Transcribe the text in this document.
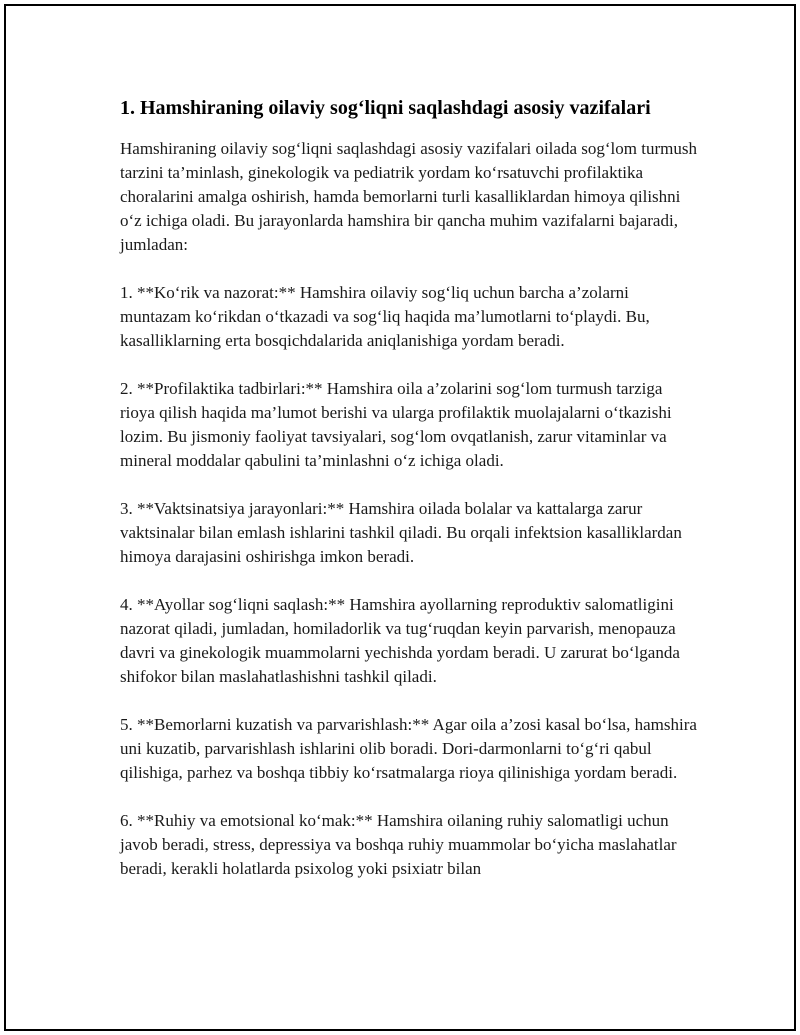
1. Hamshiraning oilaviy sog‘liqni saqlashdagi asosiy vazifalari

Hamshiraning oilaviy sog‘liqni saqlashdagi asosiy vazifalari oilada sog‘lom turmush tarzini ta’minlash, ginekologik va pediatrik yordam ko‘rsatuvchi profilaktika choralarini amalga oshirish, hamda bemorlarni turli kasalliklardan himoya qilishni o‘z ichiga oladi. Bu jarayonlarda hamshira bir qancha muhim vazifalarni bajaradi, jumladan:

1. **Ko‘rik va nazorat:** Hamshira oilaviy sog‘liq uchun barcha a’zolarni muntazam ko‘rikdan o‘tkazadi va sog‘liq haqida ma’lumotlarni to‘playdi. Bu, kasalliklarning erta bosqichdalarida aniqlanishiga yordam beradi.

2. **Profilaktika tadbirlari:** Hamshira oila a’zolarini sog‘lom turmush tarziga rioya qilish haqida ma’lumot berishi va ularga profilaktik muolajalarni o‘tkazishi lozim. Bu jismoniy faoliyat tavsiyalari, sog‘lom ovqatlanish, zarur vitaminlar va mineral moddalar qabulini ta’minlashni o‘z ichiga oladi.

3. **Vaktsinatsiya jarayonlari:** Hamshira oilada bolalar va kattalarga zarur vaktsinalar bilan emlash ishlarini tashkil qiladi. Bu orqali infektsion kasalliklardan himoya darajasini oshirishga imkon beradi.

4. **Ayollar sog‘liqni saqlash:** Hamshira ayollarning reproduktiv salomatligini nazorat qiladi, jumladan, homiladorlik va tug‘ruqdan keyin parvarish, menopauza davri va ginekologik muammolarni yechishda yordam beradi. U zarurat bo‘lganda shifokor bilan maslahatlashishni tashkil qiladi.

5. **Bemorlarni kuzatish va parvarishlash:** Agar oila a’zosi kasal bo‘lsa, hamshira uni kuzatib, parvarishlash ishlarini olib boradi. Dori-darmonlarni to‘g‘ri qabul qilishiga, parhez va boshqa tibbiy ko‘rsatmalarga rioya qilinishiga yordam beradi.

6. **Ruhiy va emotsional ko‘mak:** Hamshira oilaning ruhiy salomatligi uchun javob beradi, stress, depressiya va boshqa ruhiy muammolar bo‘yicha maslahatlar beradi, kerakli holatlarda psixolog yoki psixiatr bilan
